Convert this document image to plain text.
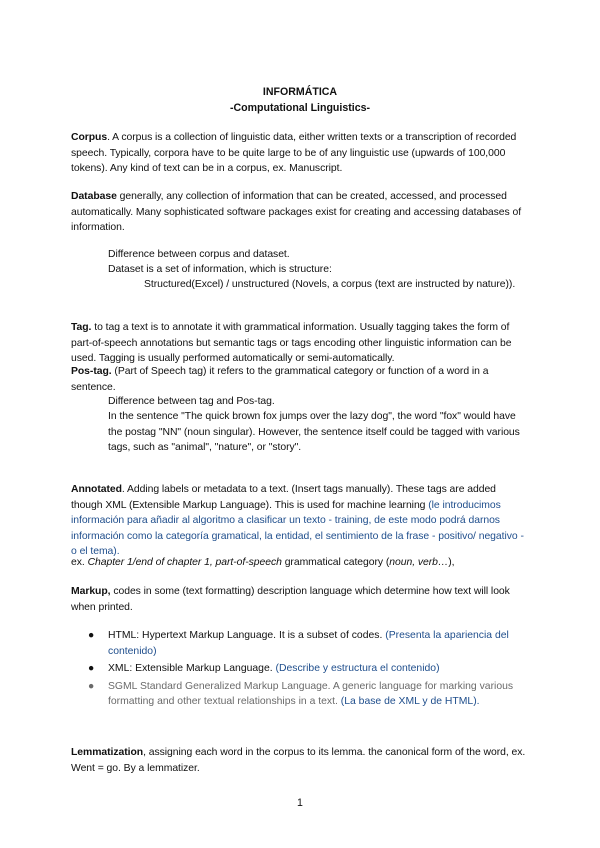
INFORMÁTICA
-Computational Linguistics-
Corpus. A corpus is a collection of linguistic data, either written texts or a transcription of recorded speech. Typically, corpora have to be quite large to be of any linguistic use (upwards of 100,000 tokens). Any kind of text can be in a corpus, ex. Manuscript.
Database generally, any collection of information that can be created, accessed, and processed automatically. Many sophisticated software packages exist for creating and accessing databases of information.
Difference between corpus and dataset.
Dataset is a set of information, which is structure:
Structured(Excel) / unstructured (Novels, a corpus (text are instructed by nature)).
Tag. to tag a text is to annotate it with grammatical information. Usually tagging takes the form of part-of-speech annotations but semantic tags or tags encoding other linguistic information can be used. Tagging is usually performed automatically or semi-automatically.
Pos-tag. (Part of Speech tag) it refers to the grammatical category or function of a word in a sentence.
Difference between tag and Pos-tag.
In the sentence "The quick brown fox jumps over the lazy dog", the word "fox" would have the postag "NN" (noun singular). However, the sentence itself could be tagged with various tags, such as "animal", "nature", or "story".
Annotated. Adding labels or metadata to a text. (Insert tags manually). These tags are added though XML (Extensible Markup Language). This is used for machine learning (le introducimos información para añadir al algoritmo a clasificar un texto - training, de este modo podrá darnos información como la categoría gramatical, la entidad, el sentimiento de la frase - positivo/ negativo - o el tema).
ex. Chapter 1/end of chapter 1, part-of-speech grammatical category (noun, verb…),
Markup, codes in some (text formatting) description language which determine how text will look when printed.
● HTML: Hypertext Markup Language. It is a subset of codes. (Presenta la apariencia del contenido)
● XML: Extensible Markup Language. (Describe y estructura el contenido)
● SGML Standard Generalized Markup Language. A generic language for marking various formatting and other textual relationships in a text. (La base de XML y de HTML).
Lemmatization, assigning each word in the corpus to its lemma. the canonical form of the word, ex. Went = go. By a lemmatizer.
1
